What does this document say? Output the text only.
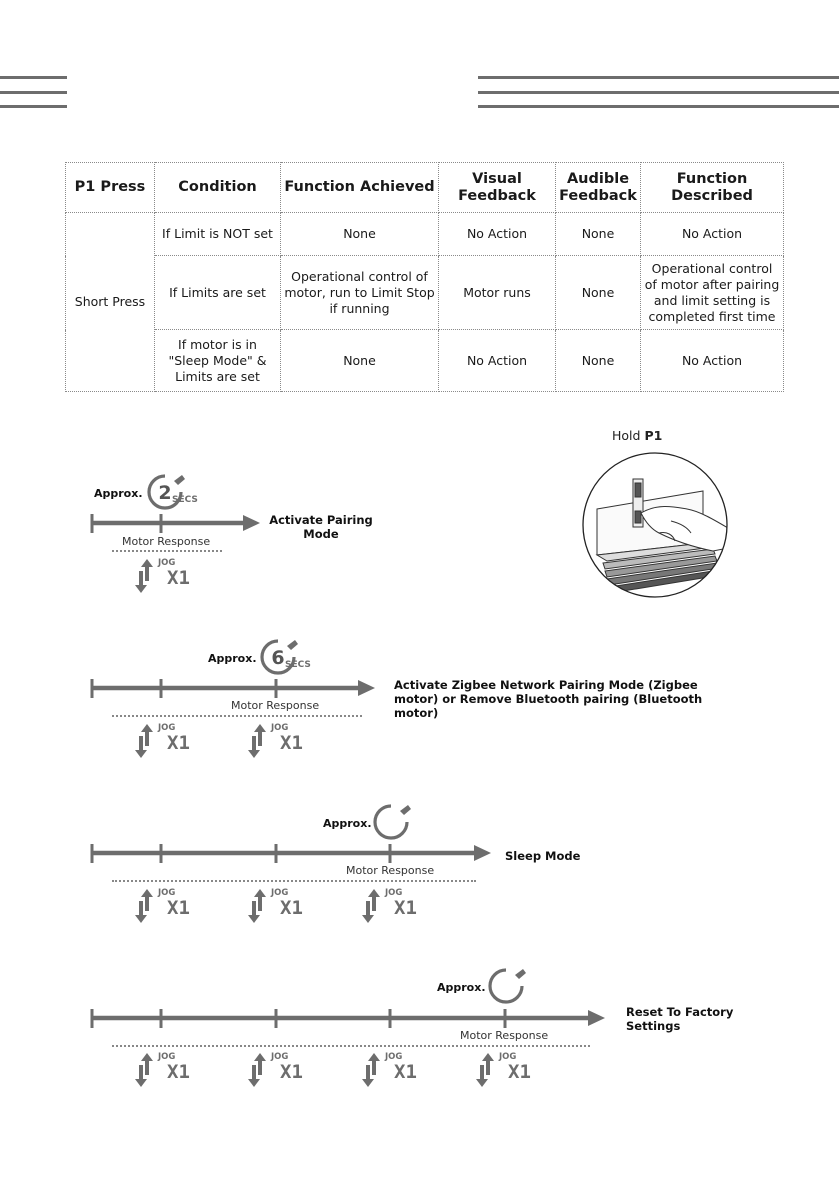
P1 Press	Condition	Function Achieved	Visual Feedback	Audible Feedback	Function Described
Short Press	If Limit is NOT set	None	No Action	None	No Action
	If Limits are set	Operational control of motor, run to Limit Stop if running	Motor runs	None	Operational control of motor after pairing and limit setting is completed first time
	If motor is in "Sleep Mode" & Limits are set	None	No Action	None	No Action
Hold P1
Approx. 2 SECS
Activate Pairing Mode
Motor Response
Approx. 6 SECS
Activate Zigbee Network Pairing Mode (Zigbee motor) or Remove Bluetooth pairing (Bluetooth motor)
Motor Response
Approx.
Sleep Mode
Motor Response
Approx.
Reset To Factory Settings
Motor Response
JOG
X1
JOG
X1
JOG
X1
JOG
X1
JOG
X1
JOG
X1
JOG
X1
JOG
X1
JOG
X1
JOG
X1
